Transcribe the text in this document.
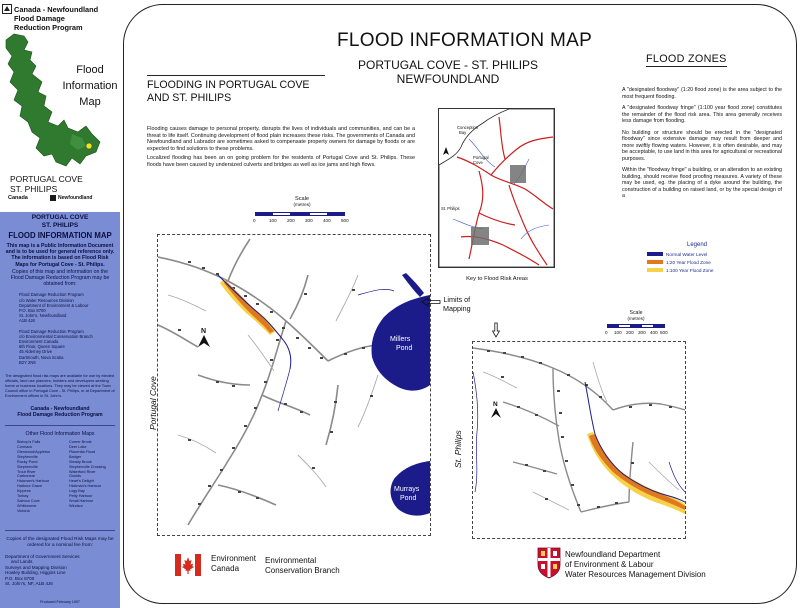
Canada - Newfoundland
Flood Damage
Reduction Program
Flood
Information
Map
PORTUGAL COVE
ST. PHILIPS
Canada	Newfoundland
PORTUGAL COVE
ST. PHILIPS
FLOOD INFORMATION MAP
This map is a Public Information Document and is to be used for general reference only. The information is based on Flood Risk Maps for Portugal Cove - St. Philips.
Copies of this map and information on the Flood Damage Reduction Program may be obtained from:
Flood Damage Reduction Program
c/o Water Resources Division
Department of Environment & Labour
P.O. Box 8700
St. John's, Newfoundland
A1B 4J6
Flood Damage Reduction Program
c/o Environmental Conservation Branch
Environment Canada
6th Floor, Queen Square
45 Alderney Drive
Dartmouth, Nova Scotia
B2Y 2N6
The designated flood risk maps are available for use by elected officials, land use planners, builders and developers seeking home or business locations. They may be viewed at the Town Council office in Portugal Cove - St. Philips, or at Department of Environment offices in St. John's.
Canada - Newfoundland
Flood Damage Reduction Program
Other Flood Information Maps
Bishop's Falls	Corner Brook
Cormack	Deer Lake
Glenwood/Appleton	Placentia Flood
Stephenville	Badger
Rocky Pond	Steady Brook
Stephenville	Stephenville Crossing
Trout River	Waterford River
Carbonear	Goulds
Hickman's Harbour	Heart's Delight
Harbour Grace	Hickman's Harbour
Kippens	Logy Bay
Torbay	Petty Harbour
Salmon Cove	Small Harbour
Whitbourne	Windsor
Victoria
Copies of the designated Flood Risk Maps may be ordered for a nominal fee from:
Department of Government Services
and Lands
Surveys and Mapping Division
Howley Building, Higgins Line
P.O. Box 8700
St. John's, NF, A1B 4J6
Produced February 1997
FLOOD INFORMATION MAP
PORTUGAL COVE - ST. PHILIPS
NEWFOUNDLAND
FLOODING IN PORTUGAL COVE AND ST. PHILIPS

Flooding causes damage to personal property, disrupts the lives of individuals and communities, and can be a threat to life itself. Continuing development of flood plain increases these risks. The governments of Canada and Newfoundland and Labrador are sometimes asked to compensate property owners for damage by floods or are expected to find solutions to these problems.

Localized flooding has been an on going problem for the residents of Portugal Cove and St. Philips. These floods have been caused by undersized culverts and bridges as well as ice jams and high flows.

FLOOD ZONES

A "designated floodway" (1:20 flood zone) is the area subject to the most frequent flooding.

A "designated floodway fringe" (1:100 year flood zone) constitutes the remainder of the flood risk area. This area generally receives less damage from flooding.

No building or structure should be erected in the "designated floodway" since extensive damage may result from deeper and more swiftly flowing waters. However, it is often desirable, and may be acceptable, to use land in this area for agricultural or recreational purposes.

Within the "floodway fringe" a building, or an alteration to an existing building, should receive flood proofing measures. A variety of these may be used, eg. the placing of a dyke around the building, the construction of a building on raised land, or by the special design of a

Conception
Bay
Portugal
Cove
St. Philips
Key to Flood Risk Areas
Legend
Normal Water Level
1:20 Year Flood Zone
1:100 Year Flood Zone
Scale
(metres)
0	100 200 300 400 500
Scale
(metres)
0 100 200 300 400 500
Millers
Pond
Murrays
Pond
N
Portugal Cove
Limits of
Mapping
N
St. Philips
Environment
Canada
Environmental
Conservation Branch
Newfoundland Department
of Environment & Labour
Water Resources Management Division
